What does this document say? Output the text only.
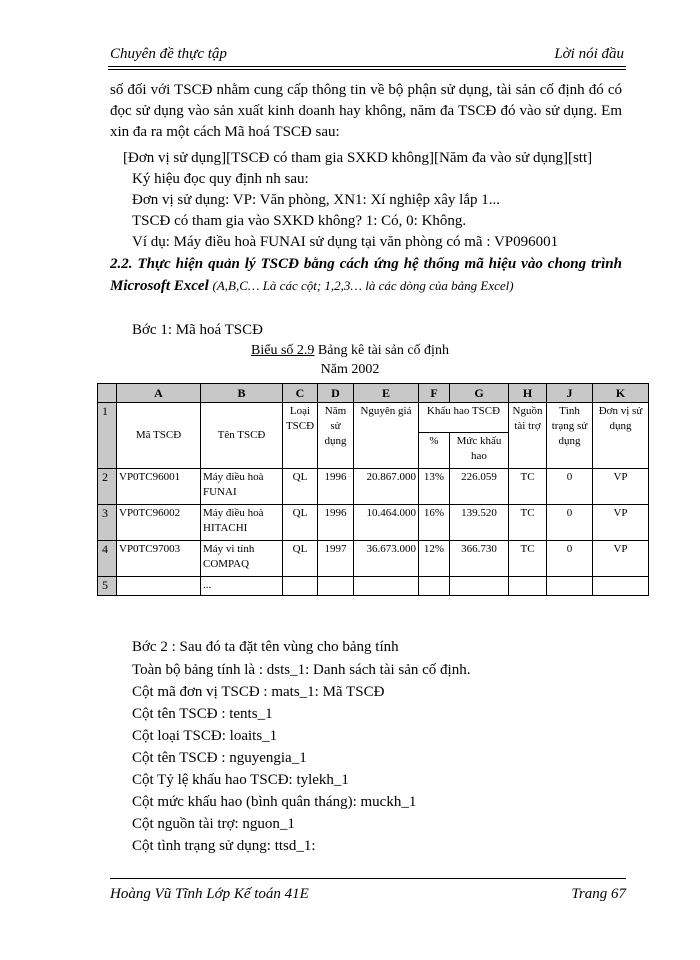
Chuyên đề thực tập	Lời nói đầu
số đối với TSCĐ nhằm cung cấp thông tin về bộ phận sử dụng, tài sản cố định đó có đọc sử dụng vào sản xuất kinh doanh hay không, năm đa TSCĐ đó vào sử dụng. Em xin đa ra một cách Mã hoá TSCĐ sau:
[Đơn vị sử dụng][TSCĐ có tham gia SXKD không][Năm đa vào sử dụng][stt]
Ký hiệu đọc quy định nh sau:
Đơn vị sử dụng: VP: Văn phòng, XN1: Xí nghiệp xây lắp 1...
TSCĐ có tham gia vào SXKD không? 1: Có, 0: Không.
Ví dụ: Máy điều hoà FUNAI sử dụng tại văn phòng có mã : VP096001
2.2. Thực hiện quản lý TSCĐ bằng cách ứng hệ thống mã hiệu vào chong trình Microsoft Excel (A,B,C… Là các cột; 1,2,3… là các dòng của bảng Excel)
Bớc 1: Mã hoá TSCĐ
Biểu số 2.9 Bảng kê tài sản cố định
Năm 2002
	A	B	C	D	E	F	G	H	J	K
1	Mã TSCĐ	Tên TSCĐ	Loại TSCĐ	Năm sử dụng	Nguyên giá	Khấu hao TSCĐ		Nguồn tài trợ	Tình trạng sử dụng	Đơn vị sử dụng
						%	Mức khấu hao			
2	VP0TC96001	Máy điều hoà FUNAI	QL	1996	20.867.000	13%	226.059	TC	0	VP
3	VP0TC96002	Máy điều hoà HITACHI	QL	1996	10.464.000	16%	139.520	TC	0	VP
4	VP0TC97003	Máy vi tính COMPAQ	QL	1997	36.673.000	12%	366.730	TC	0	VP
5		...								
Bớc 2 : Sau đó ta đặt tên vùng cho bảng tính
Toàn bộ bảng tính là : dsts_1: Danh sách tài sản cố định.
Cột mã đơn vị TSCĐ : mats_1: Mã TSCĐ
Cột tên TSCĐ : tents_1
Cột loại TSCĐ: loaits_1
Cột tên TSCĐ : nguyengia_1
Cột Tỷ lệ khấu hao TSCĐ: tylekh_1
Cột mức khấu hao (bình quân tháng): muckh_1
Cột nguồn tài trợ: nguon_1
Cột tình trạng sử dụng: ttsd_1:
Hoàng Vũ Tĩnh Lớp Kế toán 41E	Trang 67
